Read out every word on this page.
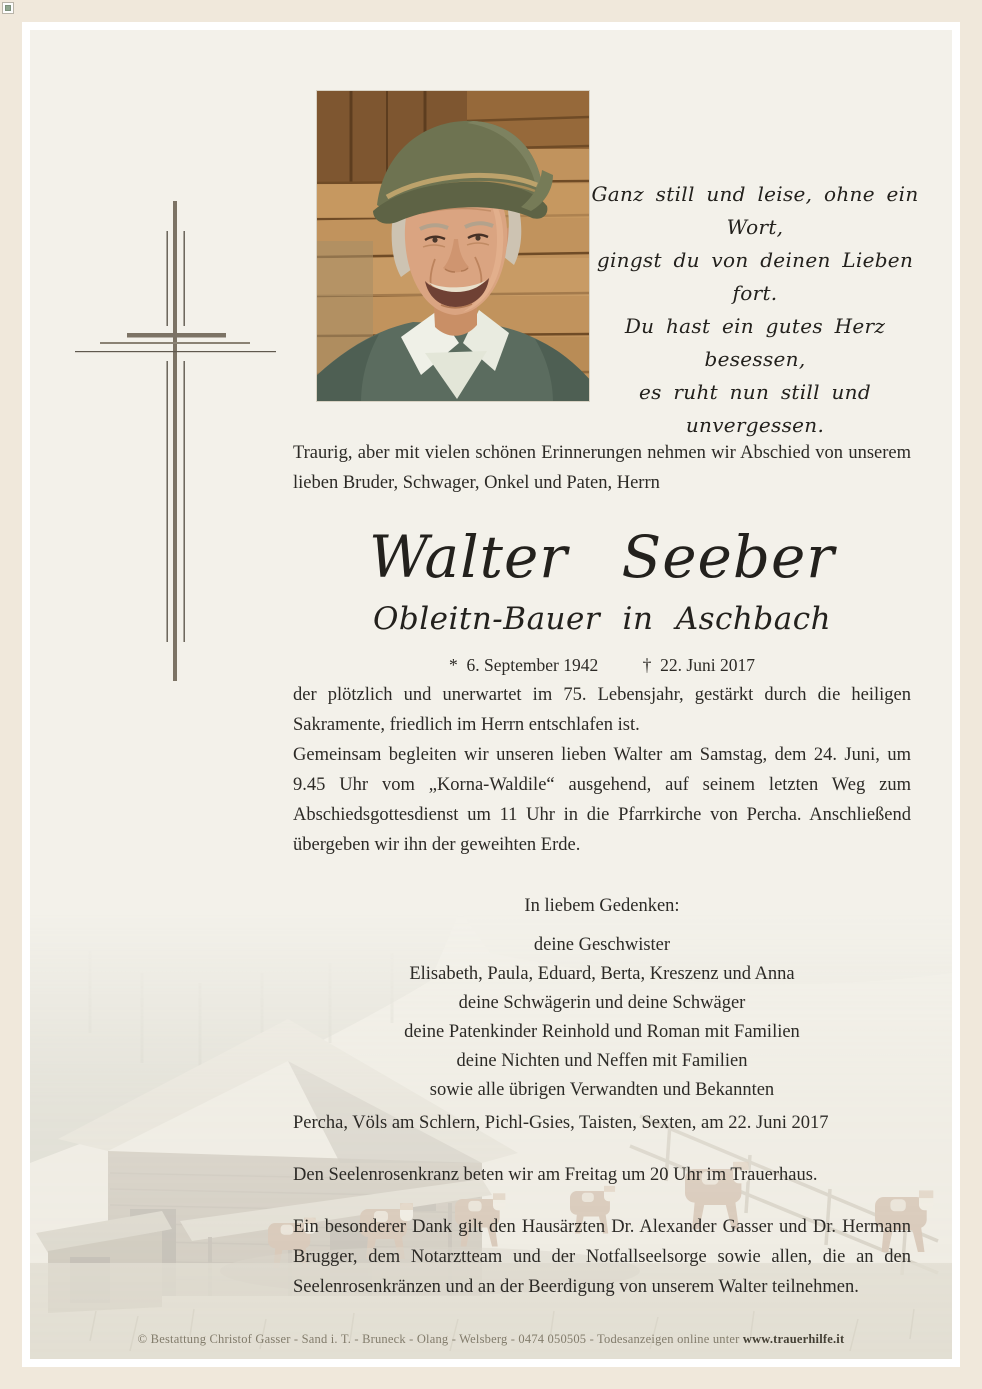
Ganz still und leise, ohne ein Wort,
gingst du von deinen Lieben fort.
Du hast ein gutes Herz besessen,
es ruht nun still und unvergessen.

Traurig, aber mit vielen schönen Erinnerungen nehmen wir Abschied von unserem lieben Bruder, Schwager, Onkel und Paten, Herrn

Walter Seeber
Obleitn-Bauer in Aschbach
* 6. September 1942	† 22. Juni 2017

der plötzlich und unerwartet im 75. Lebensjahr, gestärkt durch die heiligen Sakramente, friedlich im Herrn entschlafen ist.

Gemeinsam begleiten wir unseren lieben Walter am Samstag, dem 24. Juni, um 9.45 Uhr vom „Korna-Waldile“ ausgehend, auf seinem letzten Weg zum Abschiedsgottesdienst um 11 Uhr in die Pfarrkirche von Percha. Anschließend übergeben wir ihn der geweihten Erde.

In liebem Gedenken:

deine Geschwister

Elisabeth, Paula, Eduard, Berta, Kreszenz und Anna

deine Schwägerin und deine Schwäger

deine Patenkinder Reinhold und Roman mit Familien

deine Nichten und Neffen mit Familien

sowie alle übrigen Verwandten und Bekannten

Percha, Völs am Schlern, Pichl-Gsies, Taisten, Sexten, am 22. Juni 2017

Den Seelenrosenkranz beten wir am Freitag um 20 Uhr im Trauerhaus.

Ein besonderer Dank gilt den Hausärzten Dr. Alexander Gasser und Dr. Hermann Brugger, dem Notarztteam und der Notfallseelsorge sowie allen, die an den Seelenrosenkränzen und an der Beerdigung von unserem Walter teilnehmen.

© Bestattung Christof Gasser - Sand i. T. - Bruneck - Olang - Welsberg - 0474 050505 - Todesanzeigen online unter www.trauerhilfe.it
